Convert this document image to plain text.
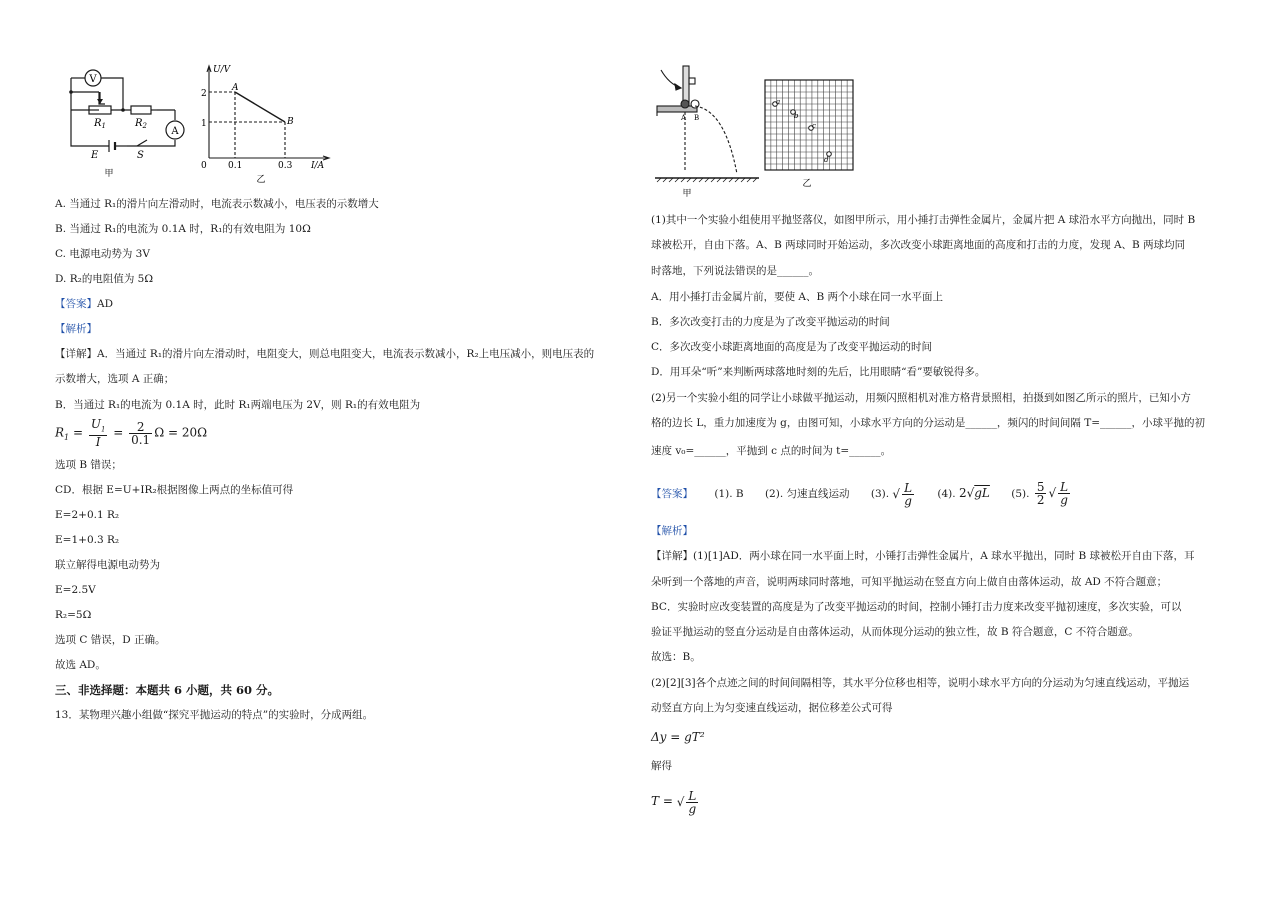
V
A
$R_1$	$R_2$
E	S
甲
U/V
I/A
2
1
0 0.1	0.3
A
B
乙
A. 当通过 R₁的滑片向左滑动时，电流表示数减小，电压表的示数增大
B. 当通过 R₁的电流为 0.1A 时，R₁的有效电阻为 10Ω
C. 电源电动势为 3V
D. R₂的电阻值为 5Ω
【答案】AD
【解析】
【详解】A．当通过 R₁的滑片向左滑动时，电阻变大，则总电阻变大，电流表示数减小，R₂上电压减小，则电压表的
示数增大，选项 A 正确；
B．当通过 R₁的电流为 0.1A 时，此时 R₁两端电压为 2V，则 R₁的有效电阻为
$R_1 = \frac{U_1}{I} = \frac{2}{0.1}$ Ω = 20Ω
选项 B 错误；
CD．根据 E=U+IR₂根据图像上两点的坐标值可得
E=2+0.1 R₂
E=1+0.3 R₂
联立解得电源电动势为
E=2.5V
R₂=5Ω
选项 C 错误，D 正确。
故选 AD。
三、非选择题：本题共 6 小题，共 60 分。
13．某物理兴趣小组做“探究平抛运动的特点”的实验时，分成两组。
A B
甲
a
b
c
d
乙
(1)其中一个实验小组使用平抛竖落仪，如图甲所示，用小捶打击弹性金属片，金属片把 A 球沿水平方向抛出，同时 B
球被松开，自由下落。A、B 两球同时开始运动，多次改变小球距离地面的高度和打击的力度，发现 A、B 两球均同
时落地，下列说法错误的是______。
A．用小捶打击金属片前，要使 A、B 两个小球在同一水平面上
B．多次改变打击的力度是为了改变平抛运动的时间
C．多次改变小球距离地面的高度是为了改变平抛运动的时间
D．用耳朵“听”来判断两球落地时刻的先后，比用眼睛“看”要敏锐得多。
(2)另一个实验小组的同学让小球做平抛运动，用频闪照相机对准方格背景照相，拍摄到如图乙所示的照片，已知小方
格的边长 L，重力加速度为 g，由图可知，小球水平方向的分运动是______，频闪的时间间隔 T=______，小球平抛的初
速度 v₀=______，平抛到 c 点的时间为 t=______。
【答案】 (1). B (2). 匀速直线运动 (3). √ $\frac{L}{g} (4)$. 2√gL (5). $\frac{5}{2}$ √ $\frac{L}{g}$
【解析】
【详解】(1)[1]AD．两小球在同一水平面上时，小锤打击弹性金属片，A 球水平抛出，同时 B 球被松开自由下落，耳
朵听到一个落地的声音，说明两球同时落地，可知平抛运动在竖直方向上做自由落体运动，故 AD 不符合题意；
BC．实验时应改变装置的高度是为了改变平抛运动的时间，控制小锤打击力度来改变平抛初速度，多次实验，可以
验证平抛运动的竖直分运动是自由落体运动，从而体现分运动的独立性，故 B 符合题意，C 不符合题意。
故选：B。
(2)[2][3]各个点迹之间的时间间隔相等，其水平分位移也相等，说明小球水平方向的分运动为匀速直线运动，平抛运
动竖直方向上为匀变速直线运动，据位移差公式可得
Δy = gT²
解得
T = √ $\frac{L}{g}$
